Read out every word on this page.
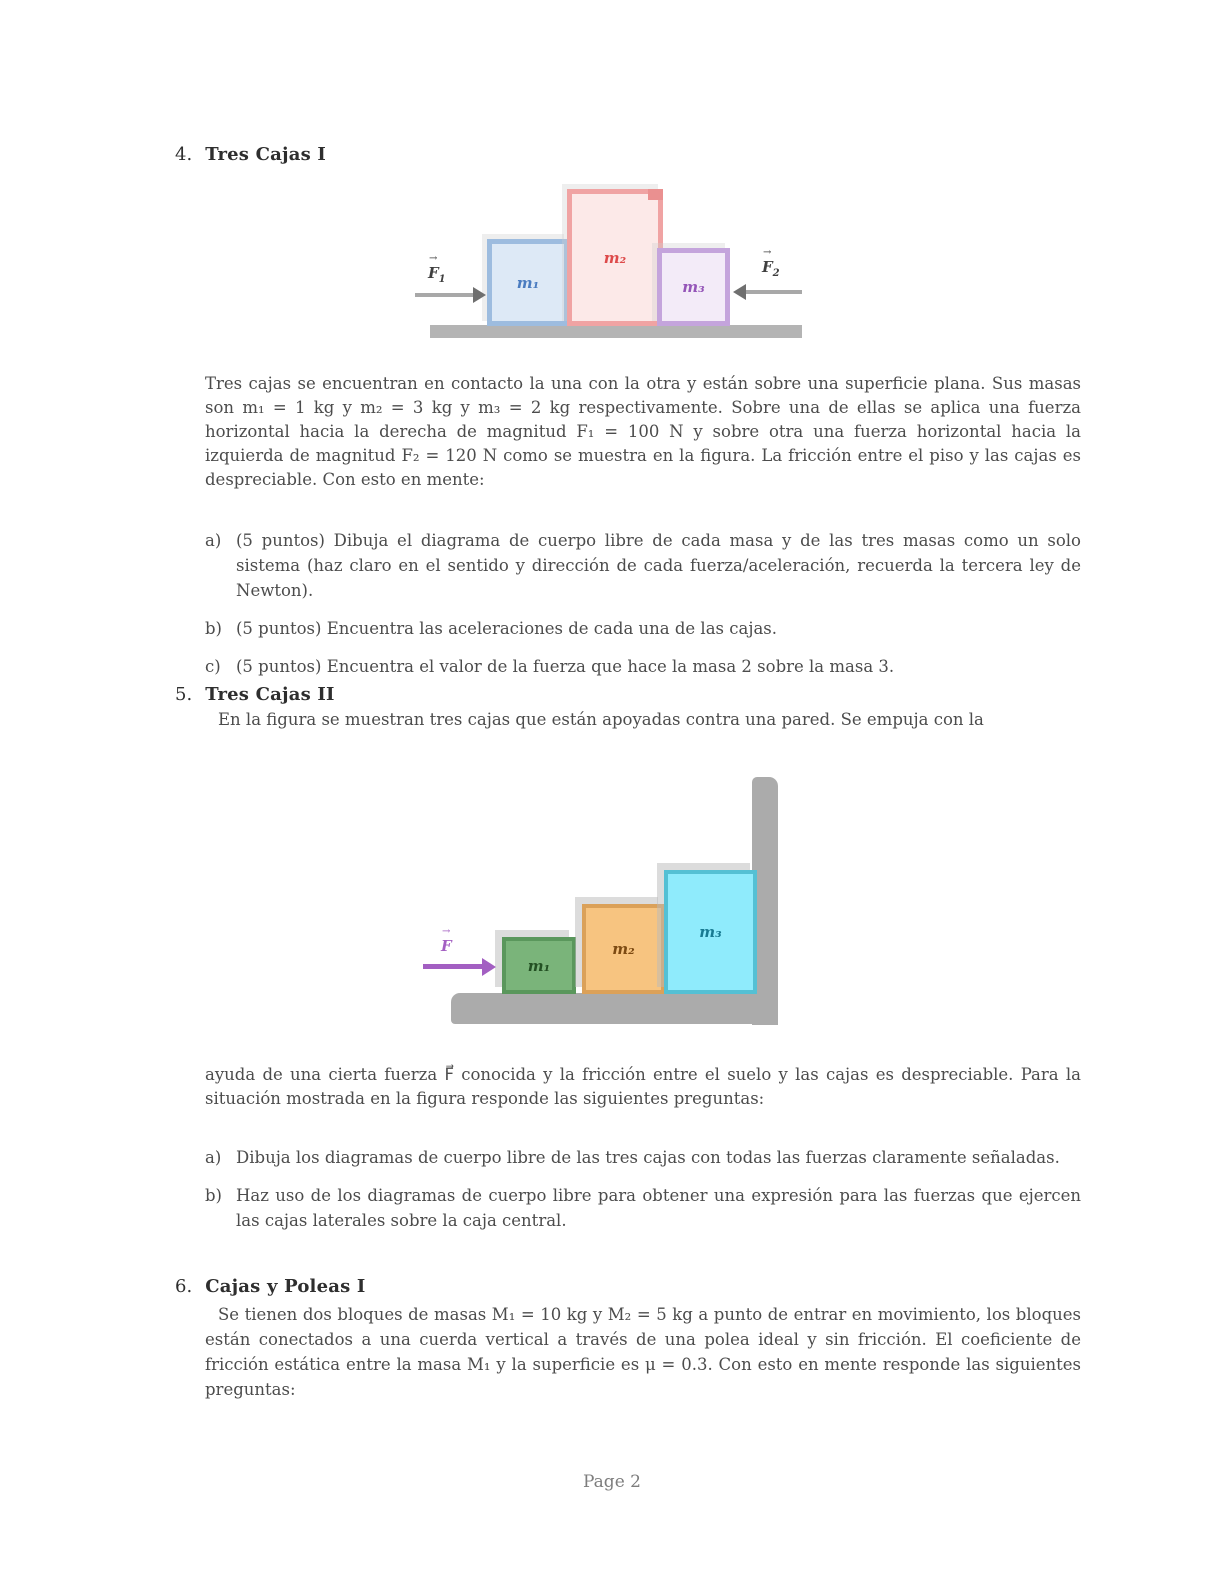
4. Tres Cajas I
m₁
m₂
m₃
→
$F_1$
→
$F_2$
Tres cajas se encuentran en contacto la una con la otra y están sobre una superficie plana. Sus masas son m₁ = 1 kg y m₂ = 3 kg y m₃ = 2 kg respectivamente. Sobre una de ellas se aplica una fuerza horizontal hacia la derecha de magnitud F₁ = 100 N y sobre otra una fuerza horizontal hacia la izquierda de magnitud F₂ = 120 N como se muestra en la figura. La fricción entre el piso y las cajas es despreciable. Con esto en mente:
a) (5 puntos) Dibuja el diagrama de cuerpo libre de cada masa y de las tres masas como un solo sistema (haz claro en el sentido y dirección de cada fuerza/aceleración, recuerda la tercera ley de Newton).
b) (5 puntos) Encuentra las aceleraciones de cada una de las cajas.
c) (5 puntos) Encuentra el valor de la fuerza que hace la masa 2 sobre la masa 3.
5. Tres Cajas II
En la figura se muestran tres cajas que están apoyadas contra una pared. Se empuja con la
m₁
m₂
m₃
→
F
ayuda de una cierta fuerza F⃗ conocida y la fricción entre el suelo y las cajas es despreciable. Para la situación mostrada en la figura responde las siguientes preguntas:
a) Dibuja los diagramas de cuerpo libre de las tres cajas con todas las fuerzas claramente señaladas.
b) Haz uso de los diagramas de cuerpo libre para obtener una expresión para las fuerzas que ejercen las cajas laterales sobre la caja central.
6. Cajas y Poleas I
Se tienen dos bloques de masas M₁ = 10 kg y M₂ = 5 kg a punto de entrar en movimiento, los bloques están conectados a una cuerda vertical a través de una polea ideal y sin fricción. El coeficiente de fricción estática entre la masa M₁ y la superficie es μ = 0.3. Con esto en mente responde las siguientes preguntas:
Page 2
